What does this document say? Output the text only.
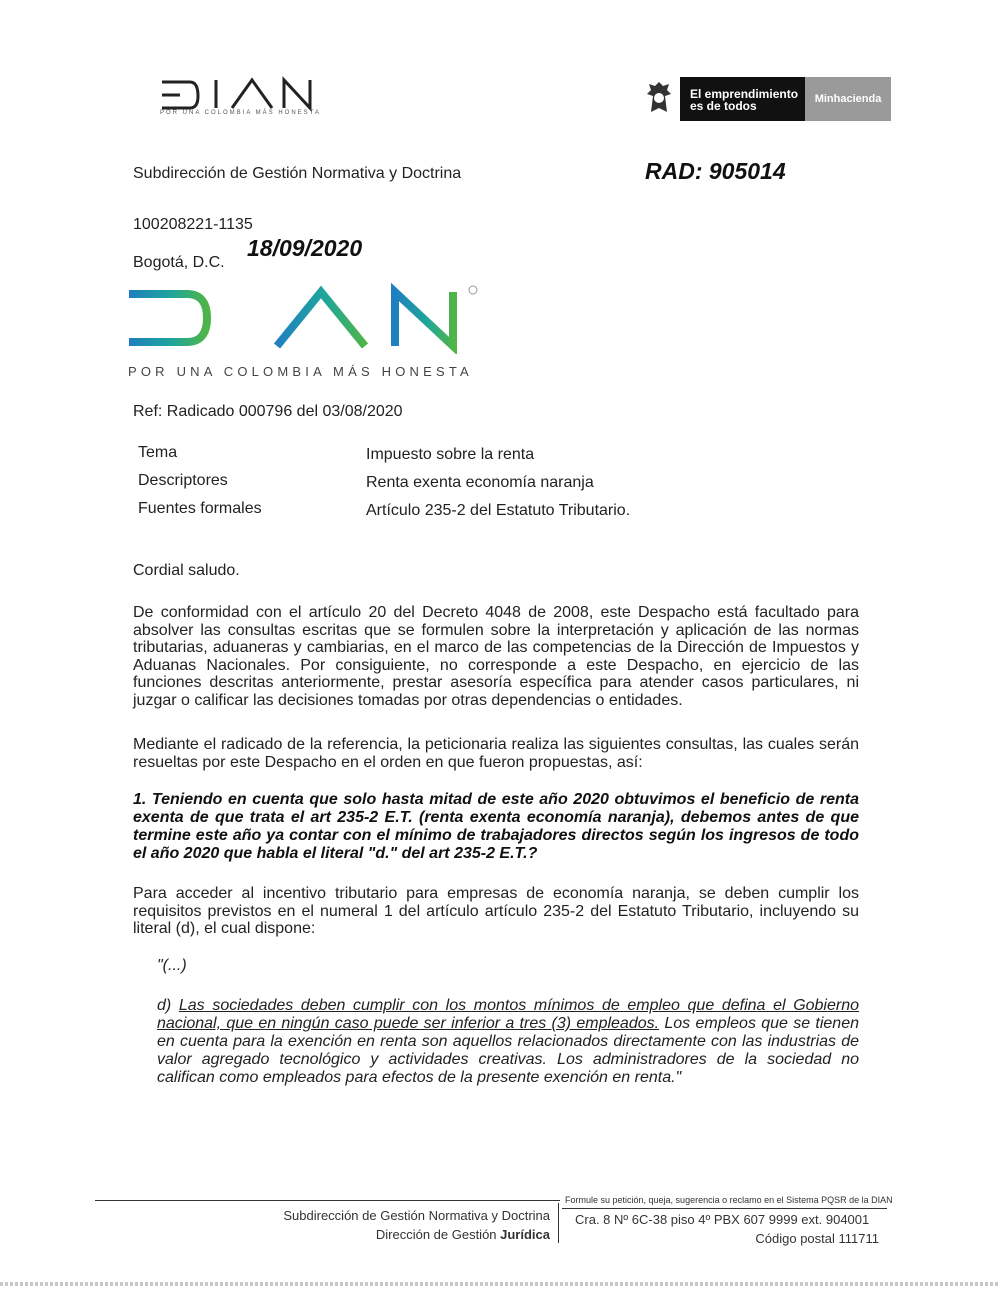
POR UNA COLOMBIA MÁS HONESTA
El emprendimiento
es de todos	Minhacienda
Subdirección de Gestión Normativa y Doctrina	RAD: 905014
100208221-1135
Bogotá, D.C.
18/09/2020
POR UNA COLOMBIA MÁS HONESTA
Ref: Radicado 000796 del 03/08/2020
Tema	Impuesto sobre la renta
Descriptores	Renta exenta economía naranja
Fuentes formales	Artículo 235-2 del Estatuto Tributario.
Cordial saludo.
De conformidad con el artículo 20 del Decreto 4048 de 2008, este Despacho está facultado para absolver las consultas escritas que se formulen sobre la interpretación y aplicación de las normas tributarias, aduaneras y cambiarias, en el marco de las competencias de la Dirección de Impuestos y Aduanas Nacionales. Por consiguiente, no corresponde a este Despacho, en ejercicio de las funciones descritas anteriormente, prestar asesoría específica para atender casos particulares, ni juzgar o calificar las decisiones tomadas por otras dependencias o entidades.
Mediante el radicado de la referencia, la peticionaria realiza las siguientes consultas, las cuales serán resueltas por este Despacho en el orden en que fueron propuestas, así:
1. Teniendo en cuenta que solo hasta mitad de este año 2020 obtuvimos el beneficio de renta exenta de que trata el art 235-2 E.T. (renta exenta economía naranja), debemos antes de que termine este año ya contar con el mínimo de trabajadores directos según los ingresos de todo el año 2020 que habla el literal "d." del art 235-2 E.T.?
Para acceder al incentivo tributario para empresas de economía naranja, se deben cumplir los requisitos previstos en el numeral 1 del artículo artículo 235-2 del Estatuto Tributario, incluyendo su literal (d), el cual dispone:
"(...)
d) Las sociedades deben cumplir con los montos mínimos de empleo que defina el Gobierno nacional, que en ningún caso puede ser inferior a tres (3) empleados. Los empleos que se tienen en cuenta para la exención en renta son aquellos relacionados directamente con las industrias de valor agregado tecnológico y actividades creativas. Los administradores de la sociedad no califican como empleados para efectos de la presente exención en renta."
Formule su petición, queja, sugerencia o reclamo en el Sistema PQSR de la DIAN
Subdirección de Gestión Normativa y Doctrina
Dirección de Gestión Jurídica
Cra. 8 Nº 6C-38 piso 4º PBX 607 9999 ext. 904001
Código postal 111711
